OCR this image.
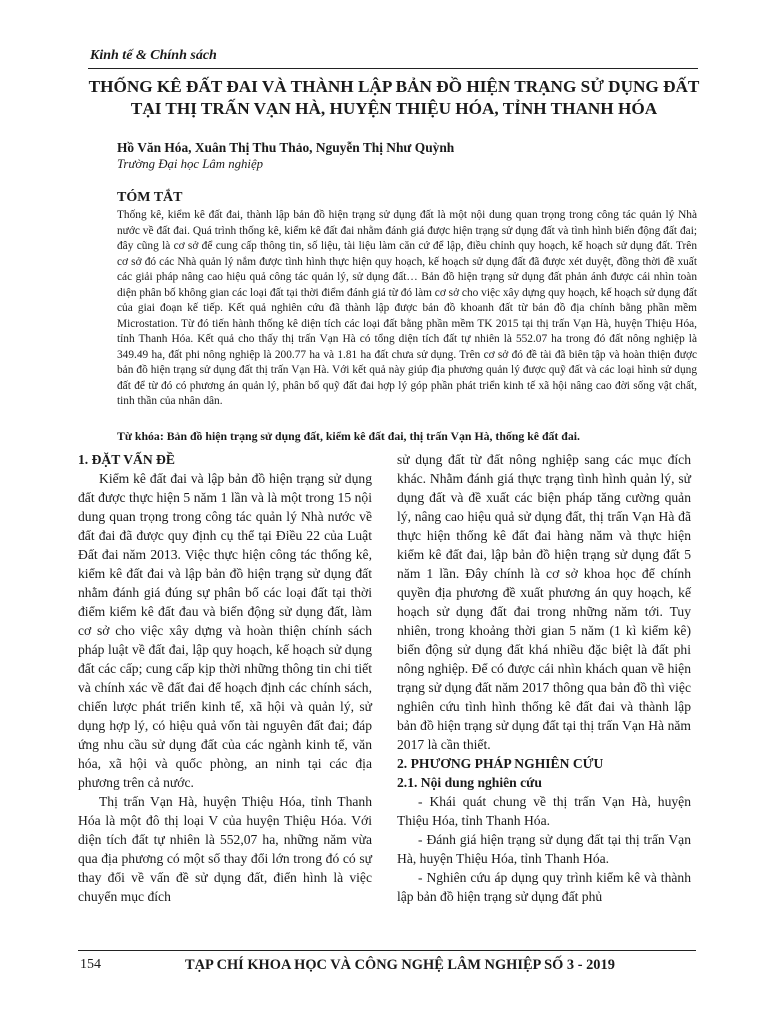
Kinh tế & Chính sách
THỐNG KÊ ĐẤT ĐAI VÀ THÀNH LẬP BẢN ĐỒ HIỆN TRẠNG SỬ DỤNG ĐẤT TẠI THỊ TRẤN VẠN HÀ, HUYỆN THIỆU HÓA, TỈNH THANH HÓA
Hồ Văn Hóa, Xuân Thị Thu Thảo, Nguyễn Thị Như Quỳnh
Trường Đại học Lâm nghiệp
TÓM TẮT
Thống kê, kiểm kê đất đai, thành lập bản đồ hiện trạng sử dụng đất là một nội dung quan trọng trong công tác quản lý Nhà nước về đất đai. Quá trình thống kê, kiểm kê đất đai nhằm đánh giá được hiện trạng sử dụng đất và tình hình biến động đất đai; đây cũng là cơ sở để cung cấp thông tin, số liệu, tài liệu làm căn cứ để lập, điều chỉnh quy hoạch, kế hoạch sử dụng đất. Trên cơ sở đó các Nhà quản lý nắm được tình hình thực hiện quy hoạch, kế hoạch sử dụng đất đã được xét duyệt, đồng thời đề xuất các giải pháp nâng cao hiệu quả công tác quản lý, sử dụng đất… Bản đồ hiện trạng sử dụng đất phản ánh được cái nhìn toàn diện phân bố không gian các loại đất tại thời điểm đánh giá từ đó làm cơ sở cho việc xây dựng quy hoạch, kế hoạch sử dụng đất của giai đoạn kế tiếp. Kết quả nghiên cứu đã thành lập được bản đồ khoanh đất từ bản đồ địa chính bằng phần mềm Microstation. Từ đó tiến hành thống kê diện tích các loại đất bằng phần mềm TK 2015 tại thị trấn Vạn Hà, huyện Thiệu Hóa, tỉnh Thanh Hóa. Kết quả cho thấy thị trấn Vạn Hà có tổng diện tích đất tự nhiên là 552.07 ha trong đó đất nông nghiệp là 349.49 ha, đất phi nông nghiệp là 200.77 ha và 1.81 ha đất chưa sử dụng. Trên cơ sở đó đề tài đã biên tập và hoàn thiện được bản đồ hiện trạng sử dụng đất thị trấn Vạn Hà. Với kết quả này giúp địa phương quản lý được quỹ đất và các loại hình sử dụng đất để từ đó có phương án quản lý, phân bổ quỹ đất đai hợp lý góp phần phát triển kinh tế xã hội nâng cao đời sống vật chất, tinh thần của nhân dân.
Từ khóa: Bản đồ hiện trạng sử dụng đất, kiểm kê đất đai, thị trấn Vạn Hà, thống kê đất đai.
1. ĐẶT VẤN ĐỀ

Kiểm kê đất đai và lập bản đồ hiện trạng sử dụng đất được thực hiện 5 năm 1 lần và là một trong 15 nội dung quan trọng trong công tác quản lý Nhà nước về đất đai đã được quy định cụ thể tại Điều 22 của Luật Đất đai năm 2013. Việc thực hiện công tác thống kê, kiểm kê đất đai và lập bản đồ hiện trạng sử dụng đất nhằm đánh giá đúng sự phân bố các loại đất tại thời điểm kiểm kê đất đau và biến động sử dụng đất, làm cơ sở cho việc xây dựng và hoàn thiện chính sách pháp luật về đất đai, lập quy hoạch, kế hoạch sử dụng đất các cấp; cung cấp kịp thời những thông tin chi tiết và chính xác về đất đai để hoạch định các chính sách, chiến lược phát triển kinh tế, xã hội và quản lý, sử dụng hợp lý, có hiệu quả vốn tài nguyên đất đai; đáp ứng nhu cầu sử dụng đất của các ngành kinh tế, văn hóa, xã hội và quốc phòng, an ninh tại các địa phương trên cả nước.

Thị trấn Vạn Hà, huyện Thiệu Hóa, tỉnh Thanh Hóa là một đô thị loại V của huyện Thiệu Hóa. Với diện tích đất tự nhiên là 552,07 ha, những năm vừa qua địa phương có một số thay đổi lớn trong đó có sự thay đổi về vấn đề sử dụng đất, điển hình là việc chuyển mục đích

sử dụng đất từ đất nông nghiệp sang các mục đích khác. Nhằm đánh giá thực trạng tình hình quản lý, sử dụng đất và đề xuất các biện pháp tăng cường quản lý, nâng cao hiệu quả sử dụng đất, thị trấn Vạn Hà đã thực hiện thống kê đất đai hàng năm và thực hiện kiểm kê đất đai, lập bản đồ hiện trạng sử dụng đất 5 năm 1 lần. Đây chính là cơ sở khoa học để chính quyền địa phương đề xuất phương án quy hoạch, kế hoạch sử dụng đất đai trong những năm tới. Tuy nhiên, trong khoảng thời gian 5 năm (1 kì kiểm kê) biến động sử dụng đất khá nhiều đặc biệt là đất phi nông nghiệp. Để có được cái nhìn khách quan về hiện trạng sử dụng đất năm 2017 thông qua bản đồ thì việc nghiên cứu tình hình thống kê đất đai và thành lập bản đồ hiện trạng sử dụng đất tại thị trấn Vạn Hà năm 2017 là cần thiết.

2. PHƯƠNG PHÁP NGHIÊN CỨU
2.1. Nội dung nghiên cứu

- Khái quát chung về thị trấn Vạn Hà, huyện Thiệu Hóa, tỉnh Thanh Hóa.

- Đánh giá hiện trạng sử dụng đất tại thị trấn Vạn Hà, huyện Thiệu Hóa, tỉnh Thanh Hóa.

- Nghiên cứu áp dụng quy trình kiểm kê và thành lập bản đồ hiện trạng sử dụng đất phủ

154	TẠP CHÍ KHOA HỌC VÀ CÔNG NGHỆ LÂM NGHIỆP SỐ 3 - 2019
